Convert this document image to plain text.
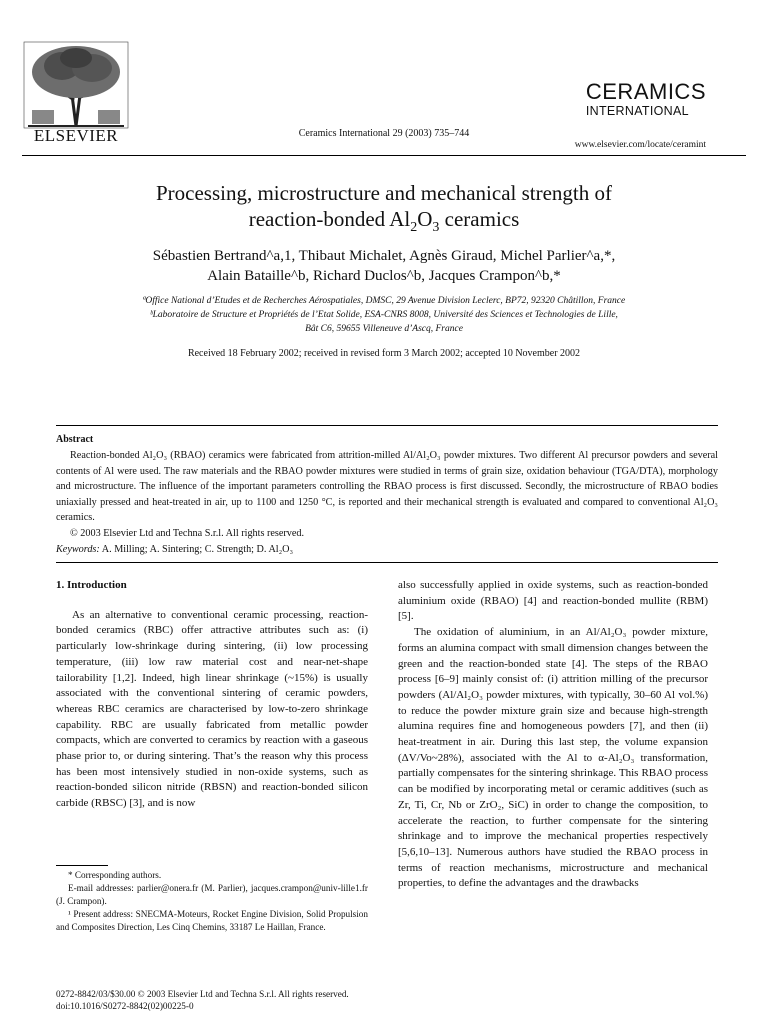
ELSEVIER	Ceramics International 29 (2003) 735–744
CERAMICS
INTERNATIONAL
www.elsevier.com/locate/ceramint
Processing, microstructure and mechanical strength of
reaction-bonded $Al_2O_3$ ceramics
Sébastien Bertrand^a,1, Thibaut Michalet, Agnès Giraud, Michel Parlier^a,*,
Alain Bataille^b, Richard Duclos^b, Jacques Crampon^b,*
ªOffice National d’Etudes et de Recherches Aérospatiales, DMSC, 29 Avenue Division Leclerc, BP72, 92320 Châtillon, France
ᵇLaboratoire de Structure et Propriétés de l’Etat Solide, ESA-CNRS 8008, Université des Sciences et Technologies de Lille,
Bât C6, 59655 Villeneuve d’Ascq, France
Received 18 February 2002; received in revised form 3 March 2002; accepted 10 November 2002
Abstract
Reaction-bonded Al₂O₃ (RBAO) ceramics were fabricated from attrition-milled Al/Al₂O₃ powder mixtures. Two different Al precursor powders and several contents of Al were used. The raw materials and the RBAO powder mixtures were studied in terms of grain size, oxidation behaviour (TGA/DTA), morphology and microstructure. The influence of the important parameters controlling the RBAO process is first discussed. Secondly, the microstructure of RBAO bodies uniaxially pressed and heat-treated in air, up to 1100 and 1250 °C, is reported and their mechanical strength is evaluated and compared to conventional Al₂O₃ ceramics.
© 2003 Elsevier Ltd and Techna S.r.l. All rights reserved.
Keywords: A. Milling; A. Sintering; C. Strength; D. Al₂O₃

1. Introduction

As an alternative to conventional ceramic processing, reaction-bonded ceramics (RBC) offer attractive attributes such as: (i) particularly low-shrinkage during sintering, (ii) low processing temperature, (iii) low raw material cost and near-net-shape tailorability [1,2]. Indeed, high linear shrinkage (~15%) is usually associated with the conventional sintering of ceramic powders, whereas RBC ceramics are characterised by low-to-zero shrinkage capability. RBC are usually fabricated from metallic powder compacts, which are converted to ceramics by reaction with a gaseous phase prior to, or during sintering. That’s the reason why this process has been most intensively studied in non-oxide systems, such as reaction-bonded silicon nitride (RBSN) and reaction-bonded silicon carbide (RBSC) [3], and is now

also successfully applied in oxide systems, such as reaction-bonded aluminium oxide (RBAO) [4] and reaction-bonded mullite (RBM) [5].

The oxidation of aluminium, in an Al/Al₂O₃ powder mixture, forms an alumina compact with small dimension changes between the green and the reaction-bonded state [4]. The steps of the RBAO process [6–9] mainly consist of: (i) attrition milling of the precursor powders (Al/Al₂O₃ powder mixtures, with typically, 30–60 Al vol.%) to reduce the powder mixture grain size and because high-strength alumina requires fine and homogeneous powders [7], and then (ii) heat-treatment in air. During this last step, the volume expansion (ΔV/Vo~28%), associated with the Al to α-Al₂O₃ transformation, partially compensates for the sintering shrinkage. This RBAO process can be modified by incorporating metal or ceramic additives (such as Zr, Ti, Cr, Nb or ZrO₂, SiC) in order to change the composition, to accelerate the reaction, to further compensate for the sintering shrinkage and to improve the mechanical properties respectively [5,6,10–13]. Numerous authors have studied the RBAO process in terms of reaction mechanisms, microstructure and mechanical properties, to define the advantages and the drawbacks

* Corresponding authors.

E-mail addresses: parlier@onera.fr (M. Parlier), jacques.crampon@univ-lille1.fr (J. Crampon).

¹ Present address: SNECMA-Moteurs, Rocket Engine Division, Solid Propulsion and Composites Direction, Les Cinq Chemins, 33187 Le Haillan, France.

0272-8842/03/$30.00 © 2003 Elsevier Ltd and Techna S.r.l. All rights reserved.
doi:10.1016/S0272-8842(02)00225-0
